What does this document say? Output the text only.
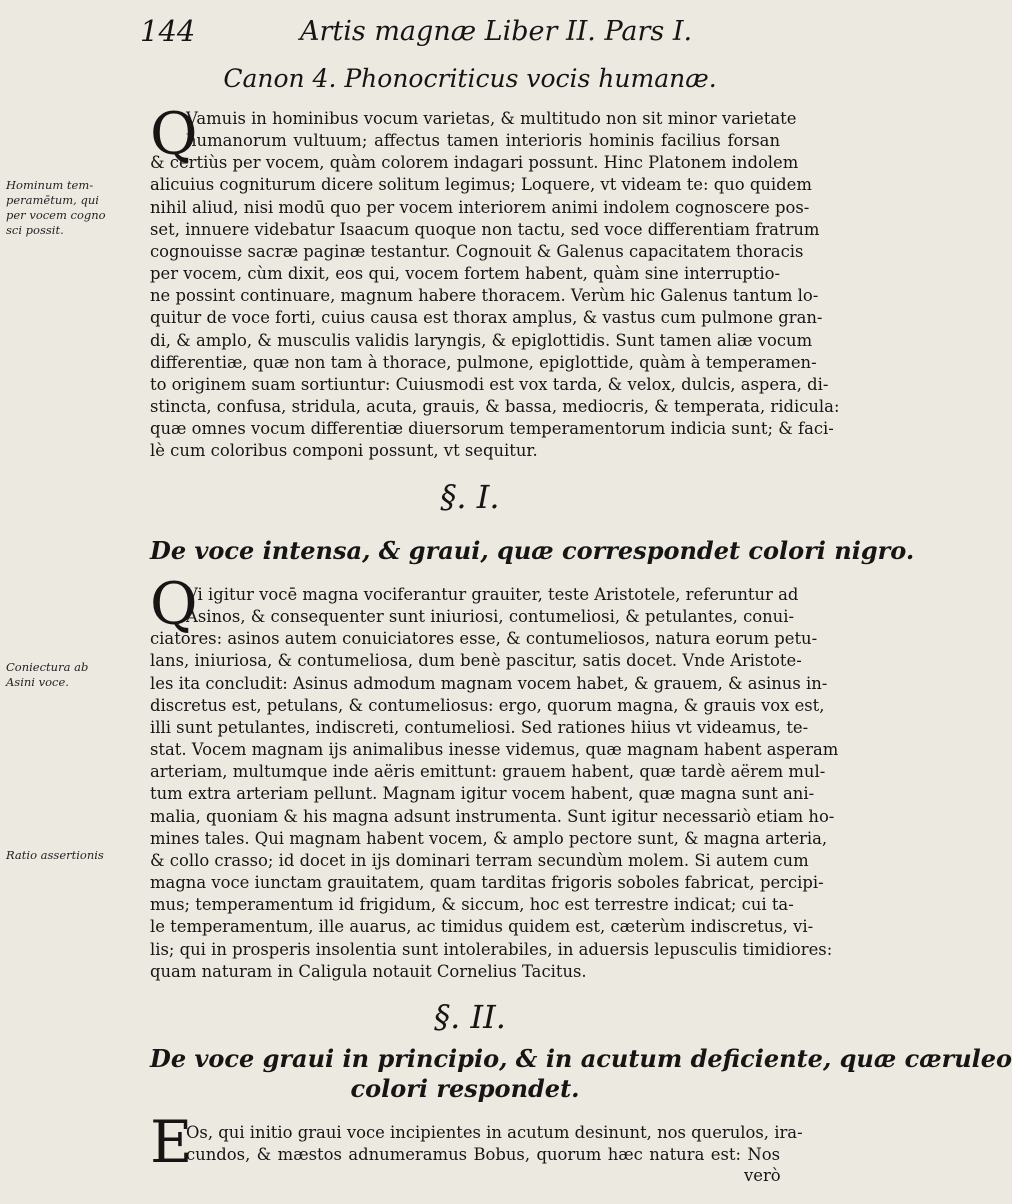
144	Artis magnæ Liber II. Pars I.
Canon 4. Phonocriticus vocis humanæ.
Q
Vamuis in hominibus vocum varietas, & multitudo non sit minor varietate
humanorum vultuum; affectus tamen interioris hominis facilius forsan
& certiùs per vocem, quàm colorem indagari possunt. Hinc Platonem indolem
alicuius cogniturum dicere solitum legimus; Loquere, vt videam te: quo quidem
nihil aliud, nisi modū quo per vocem interiorem animi indolem cognoscere pos-
set, innuere videbatur Isaacum quoque non tactu, sed voce differentiam fratrum
cognouisse sacræ paginæ testantur. Cognouit & Galenus capacitatem thoracis
per vocem, cùm dixit, eos qui, vocem fortem habent, quàm sine interruptio-
ne possint continuare, magnum habere thoracem. Verùm hic Galenus tantum lo-
quitur de voce forti, cuius causa est thorax amplus, & vastus cum pulmone gran-
di, & amplo, & musculis validis laryngis, & epiglottidis. Sunt tamen aliæ vocum
differentiæ, quæ non tam à thorace, pulmone, epiglottide, quàm à temperamen-
to originem suam sortiuntur: Cuiusmodi est vox tarda, & velox, dulcis, aspera, di-
stincta, confusa, stridula, acuta, grauis, & bassa, mediocris, & temperata, ridicula:
quæ omnes vocum differentiæ diuersorum temperamentorum indicia sunt; & faci-
lè cum coloribus componi possunt, vt sequitur.
Hominum tem-
peramētum, qui
per vocem cogno
sci possit.
§. I.
De voce intensa, & graui, quæ correspondet colori nigro.
Q
Vi igitur vocē magna vociferantur grauiter, teste Aristotele, referuntur ad
Asinos, & consequenter sunt iniuriosi, contumeliosi, & petulantes, conui-
ciatores: asinos autem conuiciatores esse, & contumeliosos, natura eorum petu-
lans, iniuriosa, & contumeliosa, dum benè pascitur, satis docet. Vnde Aristote-
les ita concludit: Asinus admodum magnam vocem habet, & grauem, & asinus in-
discretus est, petulans, & contumeliosus: ergo, quorum magna, & grauis vox est,
illi sunt petulantes, indiscreti, contumeliosi. Sed rationes hiius vt videamus, te-
stat. Vocem magnam ijs animalibus inesse videmus, quæ magnam habent asperam
arteriam, multumque inde aëris emittunt: grauem habent, quæ tardè aërem mul-
tum extra arteriam pellunt. Magnam igitur vocem habent, quæ magna sunt ani-
malia, quoniam & his magna adsunt instrumenta. Sunt igitur necessariò etiam ho-
mines tales. Qui magnam habent vocem, & amplo pectore sunt, & magna arteria,
& collo crasso; id docet in ijs dominari terram secundùm molem. Si autem cum
magna voce iunctam grauitatem, quam tarditas frigoris soboles fabricat, percipi-
mus; temperamentum id frigidum, & siccum, hoc est terrestre indicat; cui ta-
le temperamentum, ille auarus, ac timidus quidem est, cæterùm indiscretus, vi-
lis; qui in prosperis insolentia sunt intolerabiles, in aduersis lepusculis timidiores:
quam naturam in Caligula notauit Cornelius Tacitus.
Coniectura ab
Asini voce.
Ratio assertionis
§. II.
De voce graui in principio, & in acutum deficiente, quæ cæruleo
colori respondet.
E
Os, qui initio graui voce incipientes in acutum desinunt, nos querulos, ira-
cundos, & mæstos adnumeramus Bobus, quorum hæc natura est: Nos
verò
